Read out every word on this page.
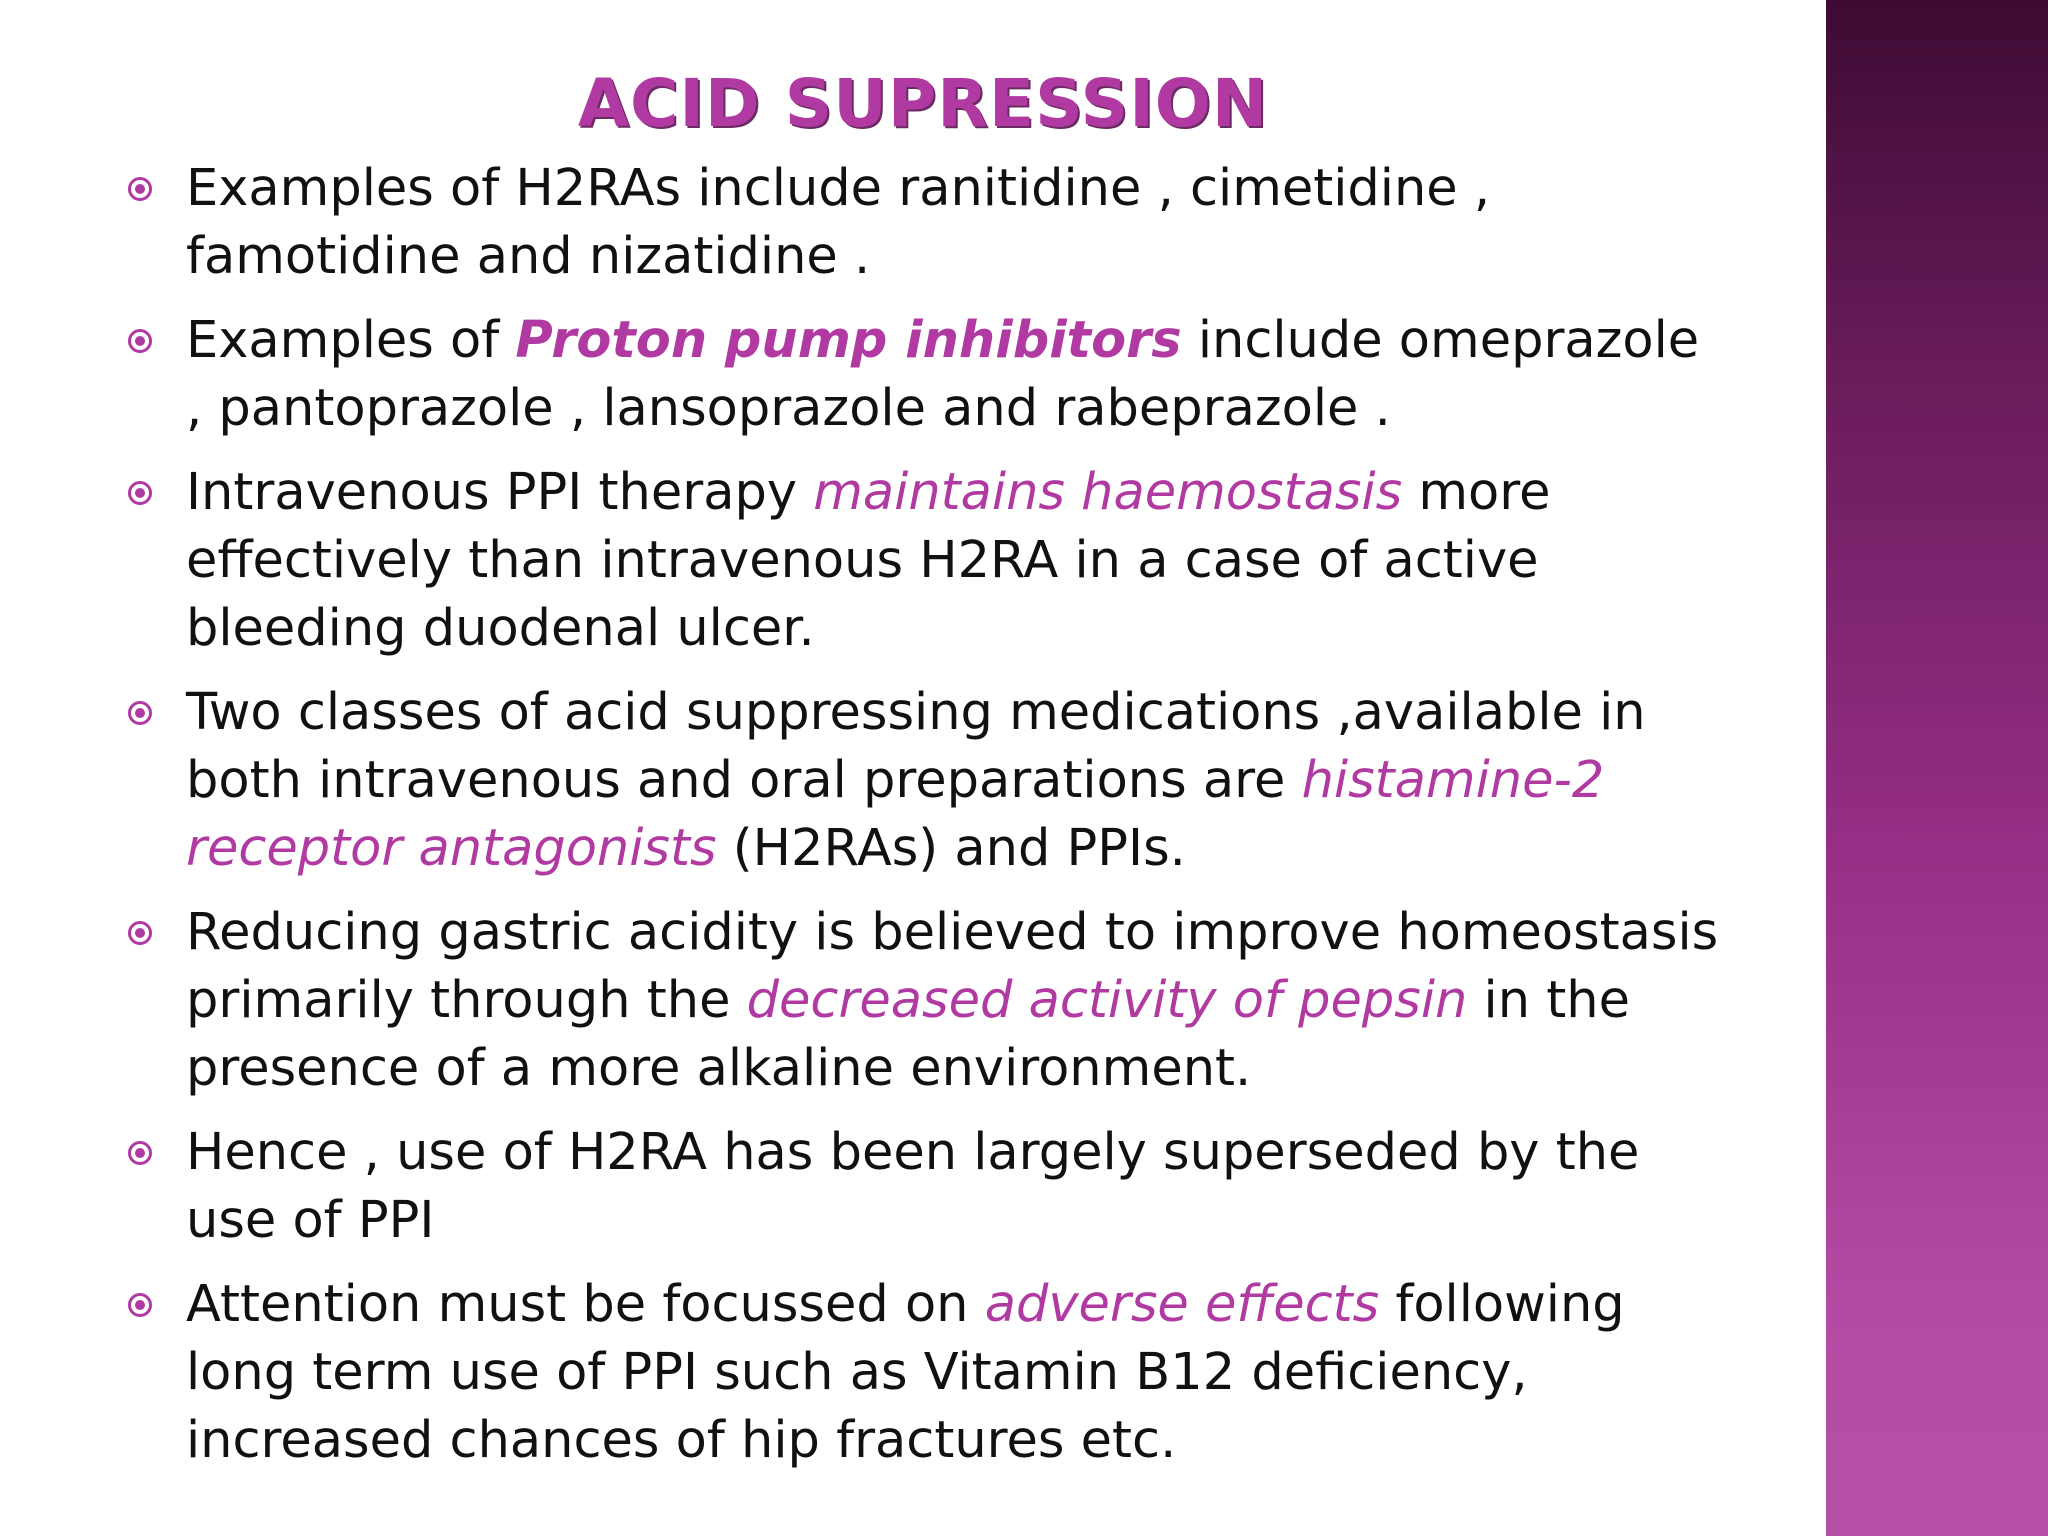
ACID SUPRESSION
Examples of H2RAs include ranitidine , cimetidine , famotidine and nizatidine .
Examples of Proton pump inhibitors include omeprazole , pantoprazole , lansoprazole and rabeprazole .
Intravenous PPI therapy maintains haemostasis more effectively than intravenous H2RA in a case of active bleeding duodenal ulcer.
Two classes of acid suppressing medications ,available in both intravenous and oral preparations are histamine-2 receptor antagonists (H2RAs) and PPIs.
Reducing gastric acidity is believed to improve homeostasis primarily through the decreased activity of pepsin in the presence of a more alkaline environment.
Hence , use of H2RA has been largely superseded by the use of PPI
Attention must be focussed on adverse effects following long term use of PPI such as Vitamin B12 deficiency, increased chances of hip fractures etc.
